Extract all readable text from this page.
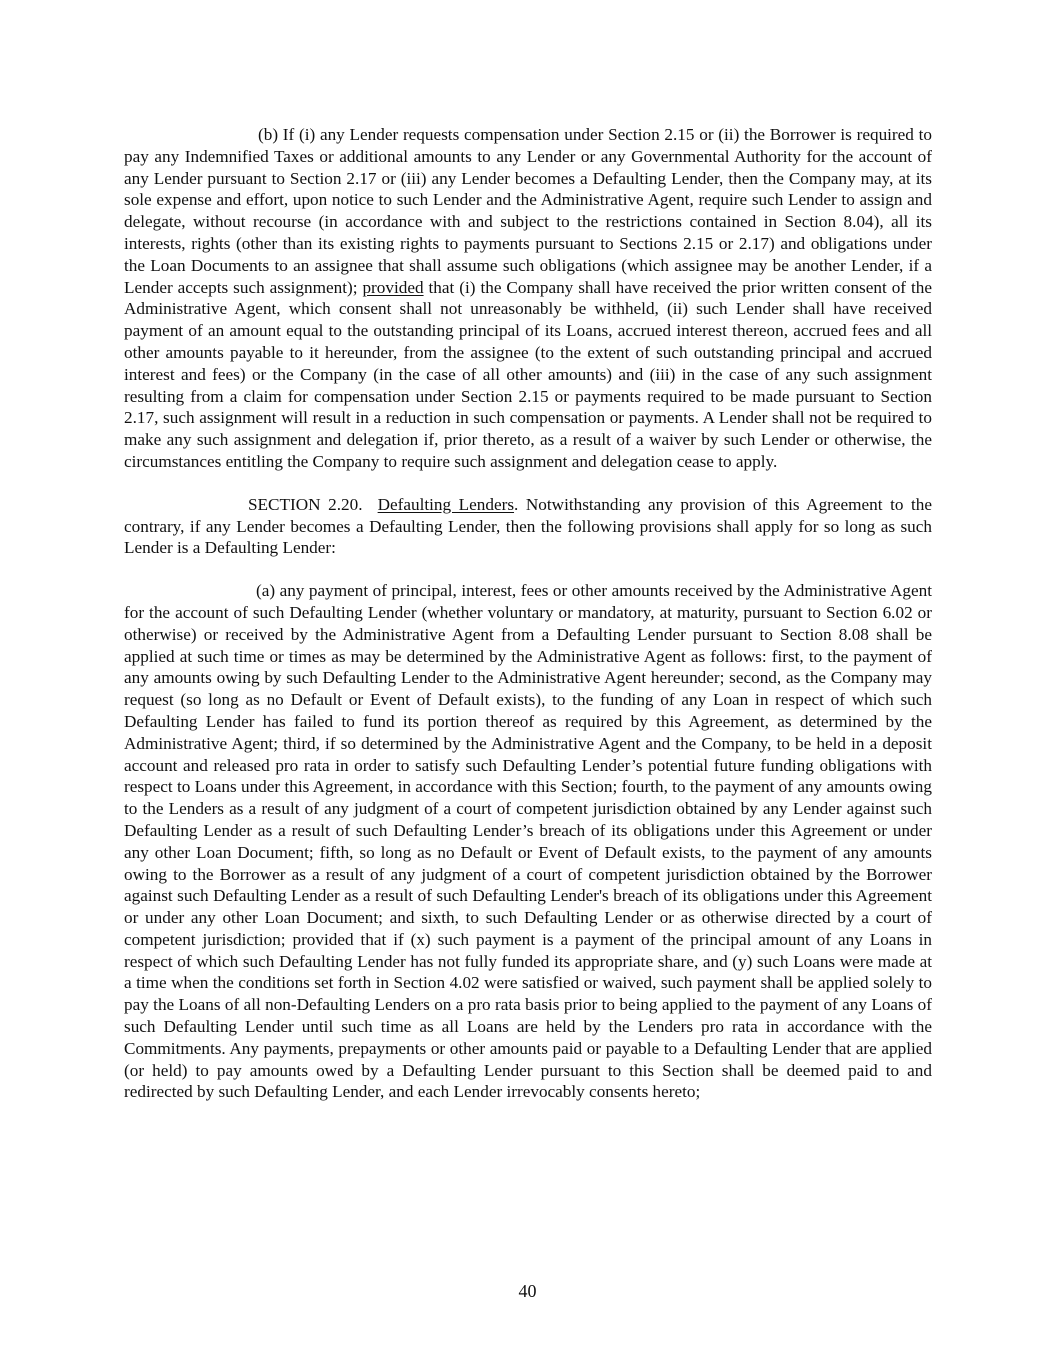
(b) If (i) any Lender requests compensation under Section 2.15 or (ii) the Borrower is required to pay any Indemnified Taxes or additional amounts to any Lender or any Governmental Authority for the account of any Lender pursuant to Section 2.17 or (iii) any Lender becomes a Defaulting Lender, then the Company may, at its sole expense and effort, upon notice to such Lender and the Administrative Agent, require such Lender to assign and delegate, without recourse (in accordance with and subject to the restrictions contained in Section 8.04), all its interests, rights (other than its existing rights to payments pursuant to Sections 2.15 or 2.17) and obligations under the Loan Documents to an assignee that shall assume such obligations (which assignee may be another Lender, if a Lender accepts such assignment); provided that (i) the Company shall have received the prior written consent of the Administrative Agent, which consent shall not unreasonably be withheld, (ii) such Lender shall have received payment of an amount equal to the outstanding principal of its Loans, accrued interest thereon, accrued fees and all other amounts payable to it hereunder, from the assignee (to the extent of such outstanding principal and accrued interest and fees) or the Company (in the case of all other amounts) and (iii) in the case of any such assignment resulting from a claim for compensation under Section 2.15 or payments required to be made pursuant to Section 2.17, such assignment will result in a reduction in such compensation or payments. A Lender shall not be required to make any such assignment and delegation if, prior thereto, as a result of a waiver by such Lender or otherwise, the circumstances entitling the Company to require such assignment and delegation cease to apply.

SECTION 2.20. Defaulting Lenders. Notwithstanding any provision of this Agreement to the contrary, if any Lender becomes a Defaulting Lender, then the following provisions shall apply for so long as such Lender is a Defaulting Lender:

(a) any payment of principal, interest, fees or other amounts received by the Administrative Agent for the account of such Defaulting Lender (whether voluntary or mandatory, at maturity, pursuant to Section 6.02 or otherwise) or received by the Administrative Agent from a Defaulting Lender pursuant to Section 8.08 shall be applied at such time or times as may be determined by the Administrative Agent as follows: first, to the payment of any amounts owing by such Defaulting Lender to the Administrative Agent hereunder; second, as the Company may request (so long as no Default or Event of Default exists), to the funding of any Loan in respect of which such Defaulting Lender has failed to fund its portion thereof as required by this Agreement, as determined by the Administrative Agent; third, if so determined by the Administrative Agent and the Company, to be held in a deposit account and released pro rata in order to satisfy such Defaulting Lender’s potential future funding obligations with respect to Loans under this Agreement, in accordance with this Section; fourth, to the payment of any amounts owing to the Lenders as a result of any judgment of a court of competent jurisdiction obtained by any Lender against such Defaulting Lender as a result of such Defaulting Lender’s breach of its obligations under this Agreement or under any other Loan Document; fifth, so long as no Default or Event of Default exists, to the payment of any amounts owing to the Borrower as a result of any judgment of a court of competent jurisdiction obtained by the Borrower against such Defaulting Lender as a result of such Defaulting Lender's breach of its obligations under this Agreement or under any other Loan Document; and sixth, to such Defaulting Lender or as otherwise directed by a court of competent jurisdiction; provided that if (x) such payment is a payment of the principal amount of any Loans in respect of which such Defaulting Lender has not fully funded its appropriate share, and (y) such Loans were made at a time when the conditions set forth in Section 4.02 were satisfied or waived, such payment shall be applied solely to pay the Loans of all non-Defaulting Lenders on a pro rata basis prior to being applied to the payment of any Loans of such Defaulting Lender until such time as all Loans are held by the Lenders pro rata in accordance with the Commitments. Any payments, prepayments or other amounts paid or payable to a Defaulting Lender that are applied (or held) to pay amounts owed by a Defaulting Lender pursuant to this Section shall be deemed paid to and redirected by such Defaulting Lender, and each Lender irrevocably consents hereto;

40
